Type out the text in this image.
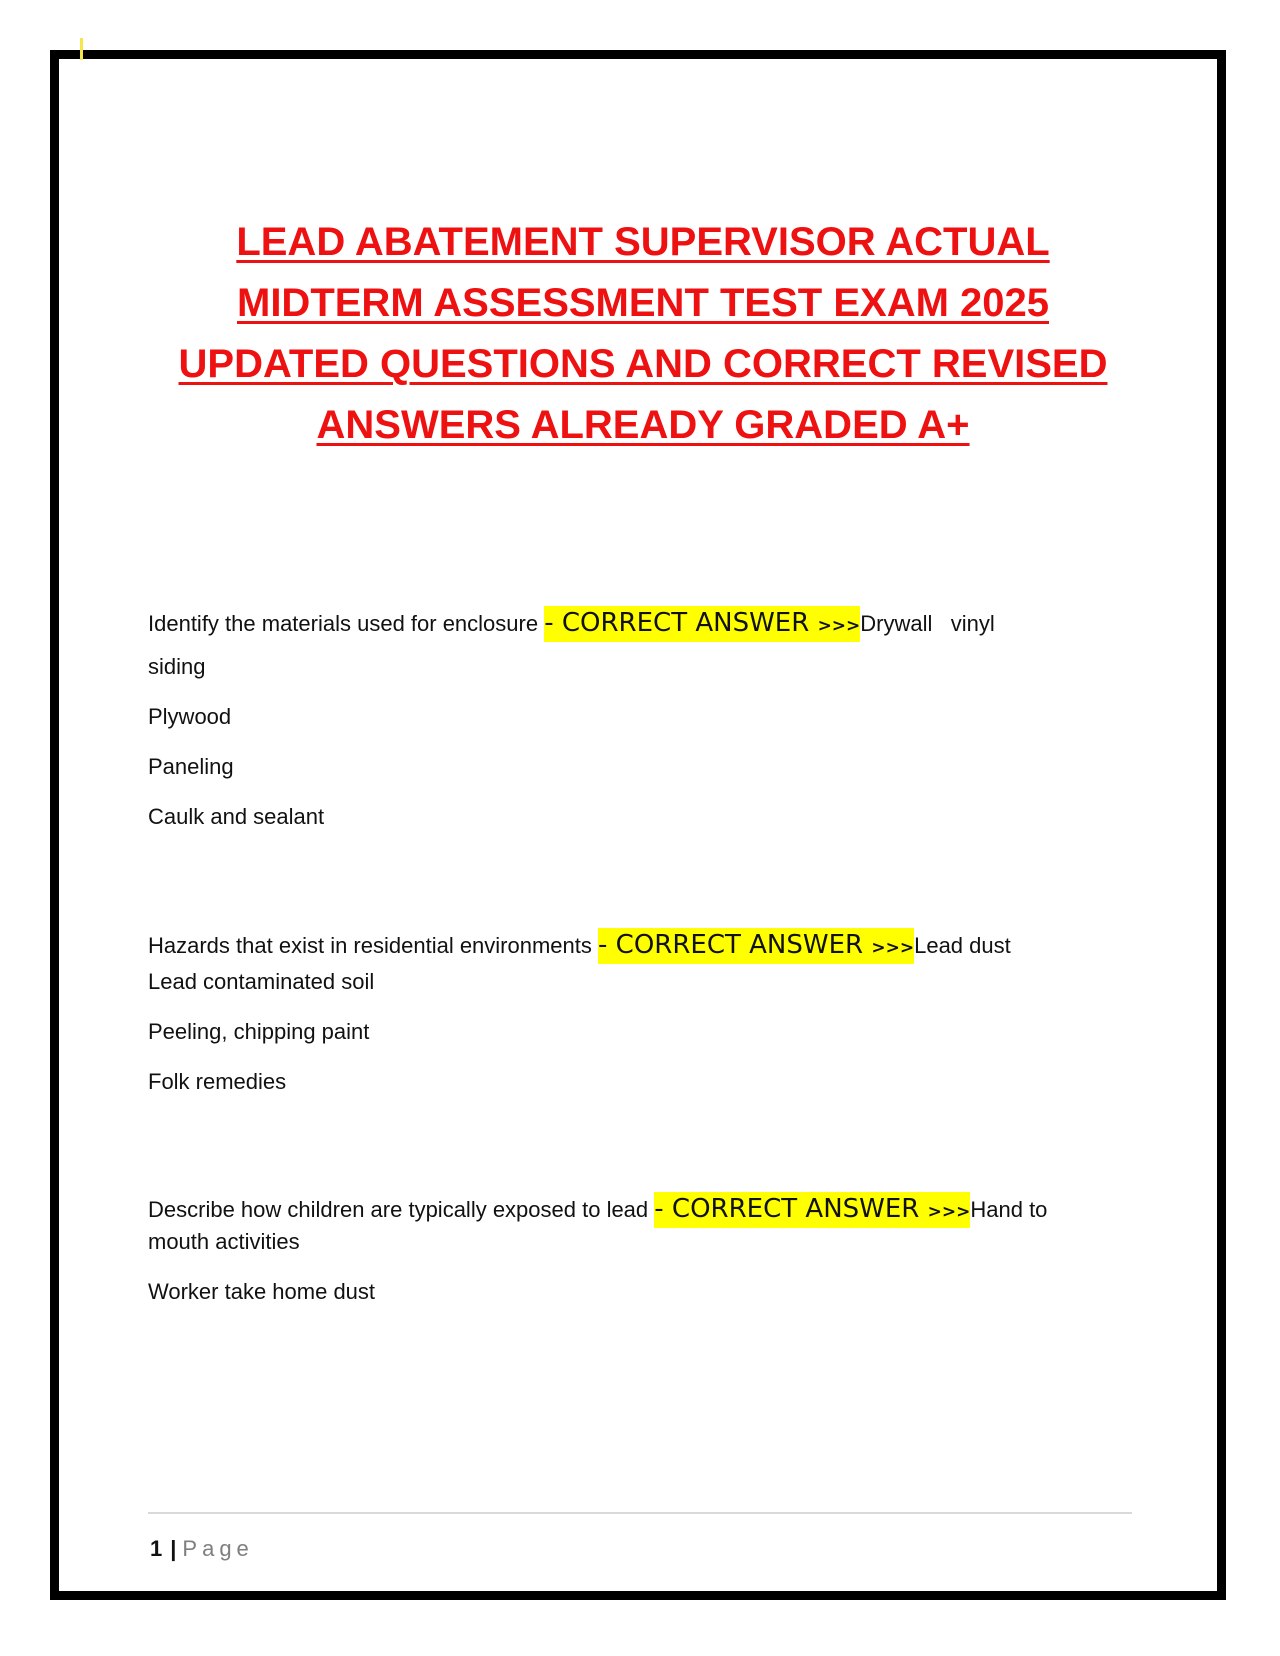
LEAD ABATEMENT SUPERVISOR ACTUAL
MIDTERM ASSESSMENT TEST EXAM 2025
UPDATED QUESTIONS AND CORRECT REVISED
ANSWERS ALREADY GRADED A+
Identify the materials used for enclosure - CORRECT ANSWER >>>Drywall   vinyl
siding
Plywood
Paneling
Caulk and sealant
Hazards that exist in residential environments - CORRECT ANSWER >>>Lead dust
Lead contaminated soil
Peeling, chipping paint
Folk remedies
Describe how children are typically exposed to lead - CORRECT ANSWER >>>Hand to
mouth activities
Worker take home dust
1 | Page
